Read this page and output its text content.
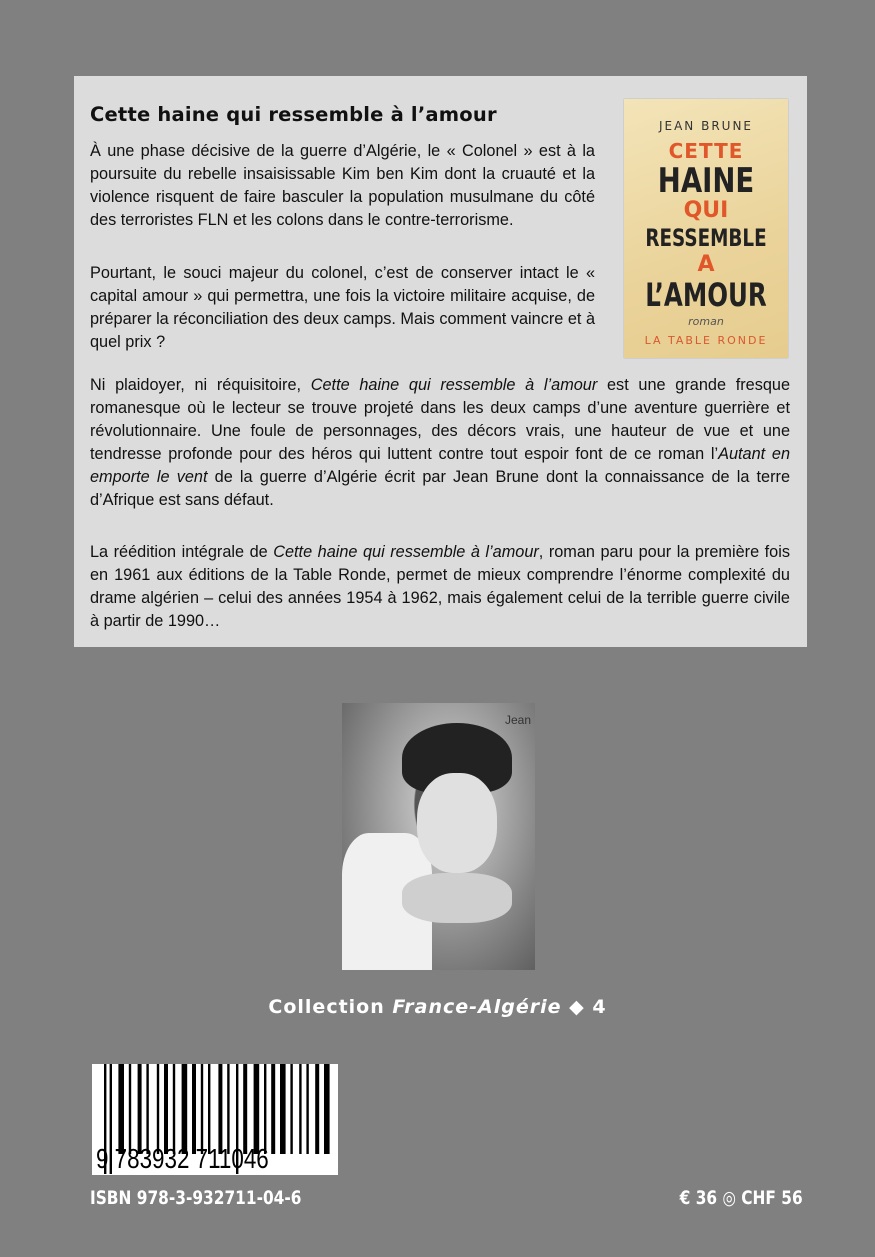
Cette haine qui ressemble à l’amour

À une phase décisive de la guerre d’Algérie, le « Colonel » est à la poursuite du rebelle insaisissable Kim ben Kim dont la cruauté et la violence risquent de faire basculer la population musulmane du côté des terroristes FLN et les colons dans le contre-terrorisme.

Pourtant, le souci majeur du colonel, c’est de conserver intact le « capital amour » qui permettra, une fois la victoire militaire acquise, de préparer la réconciliation des deux camps. Mais comment vaincre et à quel prix ?

Ni plaidoyer, ni réquisitoire, Cette haine qui ressemble à l’amour est une grande fresque romanesque où le lecteur se trouve projeté dans les deux camps d’une aventure guerrière et révolutionnaire. Une foule de personnages, des décors vrais, une hauteur de vue et une tendresse profonde pour des héros qui luttent contre tout espoir font de ce roman l’Autant en emporte le vent de la guerre d’Algérie écrit par Jean Brune dont la connaissance de la terre d’Afrique est sans défaut.

La réédition intégrale de Cette haine qui ressemble à l’amour, roman paru pour la première fois en 1961 aux éditions de la Table Ronde, permet de mieux comprendre l’énorme complexité du drame algérien – celui des années 1954 à 1962, mais également celui de la terrible guerre civile à partir de 1990…

JEAN BRUNE
CETTE
HAINE
QUI
RESSEMBLE
A
L’AMOUR
roman
LA TABLE RONDE
Jean
Collection France-Algérie ◆ 4
9 783932 711046
ISBN 978-3-932711-04-6	€ 36 ◎ CHF 56
